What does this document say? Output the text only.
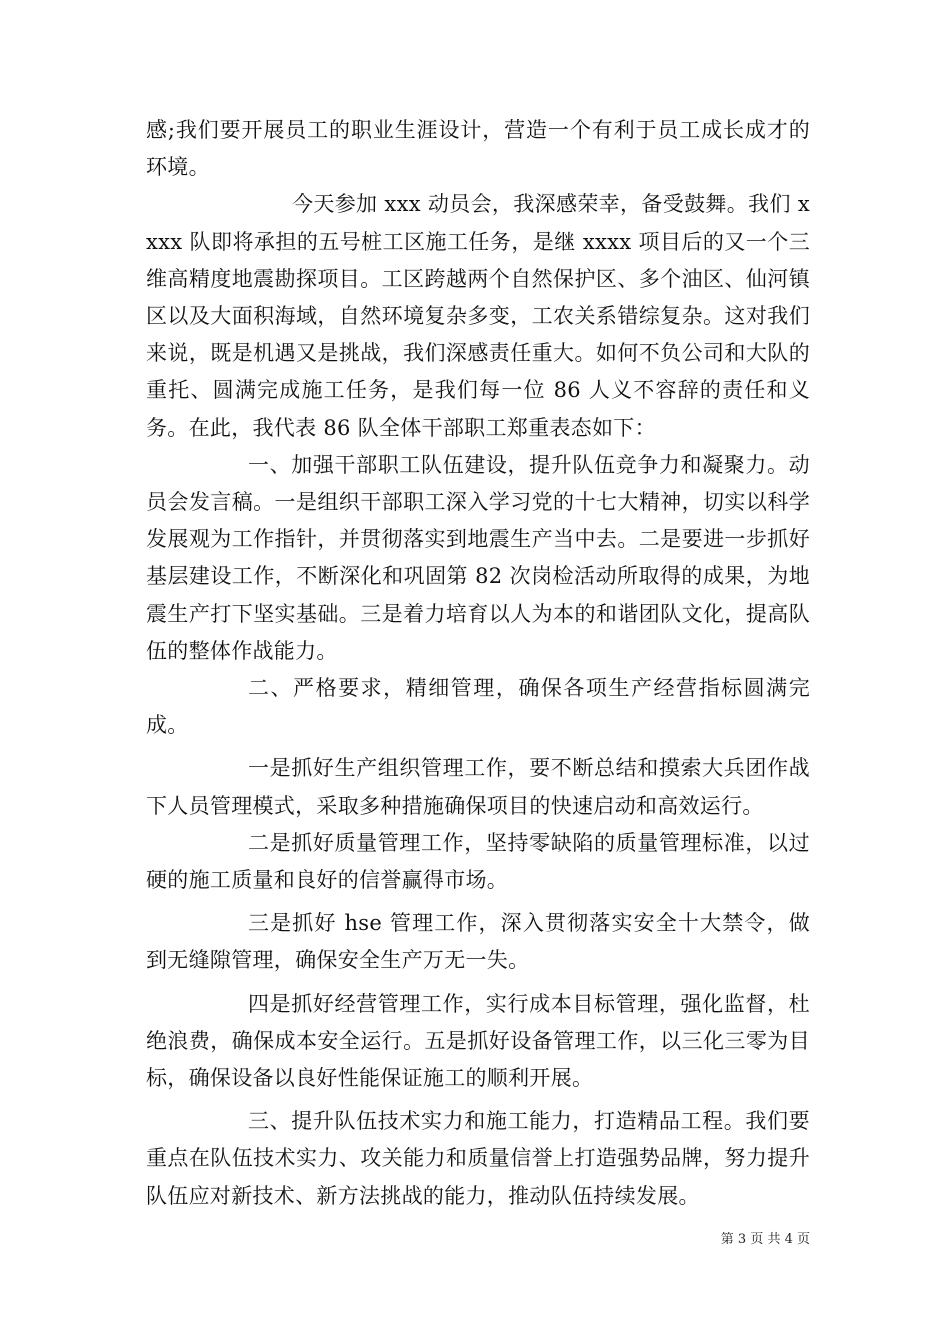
感;我们要开展员工的职业生涯设计，营造一个有利于员工成长成才的环境。

今天参加 xxx 动员会，我深感荣幸，备受鼓舞。我们 xxxx 队即将承担的五号桩工区施工任务，是继 xxxx 项目后的又一个三维高精度地震勘探项目。工区跨越两个自然保护区、多个油区、仙河镇区以及大面积海域，自然环境复杂多变，工农关系错综复杂。这对我们来说，既是机遇又是挑战，我们深感责任重大。如何不负公司和大队的重托、圆满完成施工任务，是我们每一位 86 人义不容辞的责任和义务。在此，我代表 86 队全体干部职工郑重表态如下：

一、加强干部职工队伍建设，提升队伍竞争力和凝聚力。动员会发言稿。一是组织干部职工深入学习党的十七大精神，切实以科学发展观为工作指针，并贯彻落实到地震生产当中去。二是要进一步抓好基层建设工作，不断深化和巩固第 82 次岗检活动所取得的成果，为地震生产打下坚实基础。三是着力培育以人为本的和谐团队文化，提高队伍的整体作战能力。

二、严格要求，精细管理，确保各项生产经营指标圆满完成。

一是抓好生产组织管理工作，要不断总结和摸索大兵团作战下人员管理模式，采取多种措施确保项目的快速启动和高效运行。

二是抓好质量管理工作，坚持零缺陷的质量管理标准，以过硬的施工质量和良好的信誉赢得市场。

三是抓好 hse 管理工作，深入贯彻落实安全十大禁令，做到无缝隙管理，确保安全生产万无一失。

四是抓好经营管理工作，实行成本目标管理，强化监督，杜绝浪费，确保成本安全运行。五是抓好设备管理工作，以三化三零为目标，确保设备以良好性能保证施工的顺利开展。

三、提升队伍技术实力和施工能力，打造精品工程。我们要重点在队伍技术实力、攻关能力和质量信誉上打造强势品牌，努力提升队伍应对新技术、新方法挑战的能力，推动队伍持续发展。

第 3 页 共 4 页
